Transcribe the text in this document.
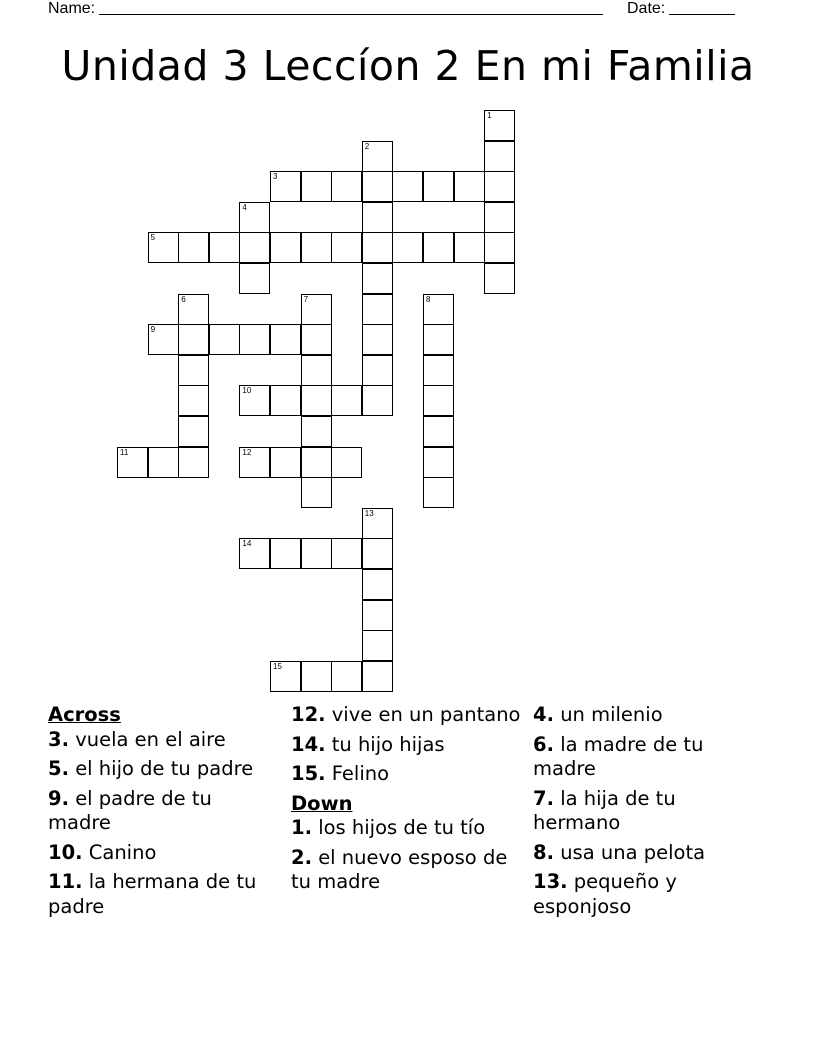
Name:	Date:
Unidad 3 Leccíon 2 En mi Familia
1
2
3
4
5
6	7	8
9
10
11	12
13
14
15

Across

3. vuela en el aire

5. el hijo de tu padre

9. el padre de tu madre

10. Canino

11. la hermana de tu padre

12. vive en un pantano

14. tu hijo hijas

15. Felino

Down

1. los hijos de tu tío

2. el nuevo esposo de tu madre

4. un milenio

6. la madre de tu madre

7. la hija de tu hermano

8. usa una pelota

13. pequeño y esponjoso
